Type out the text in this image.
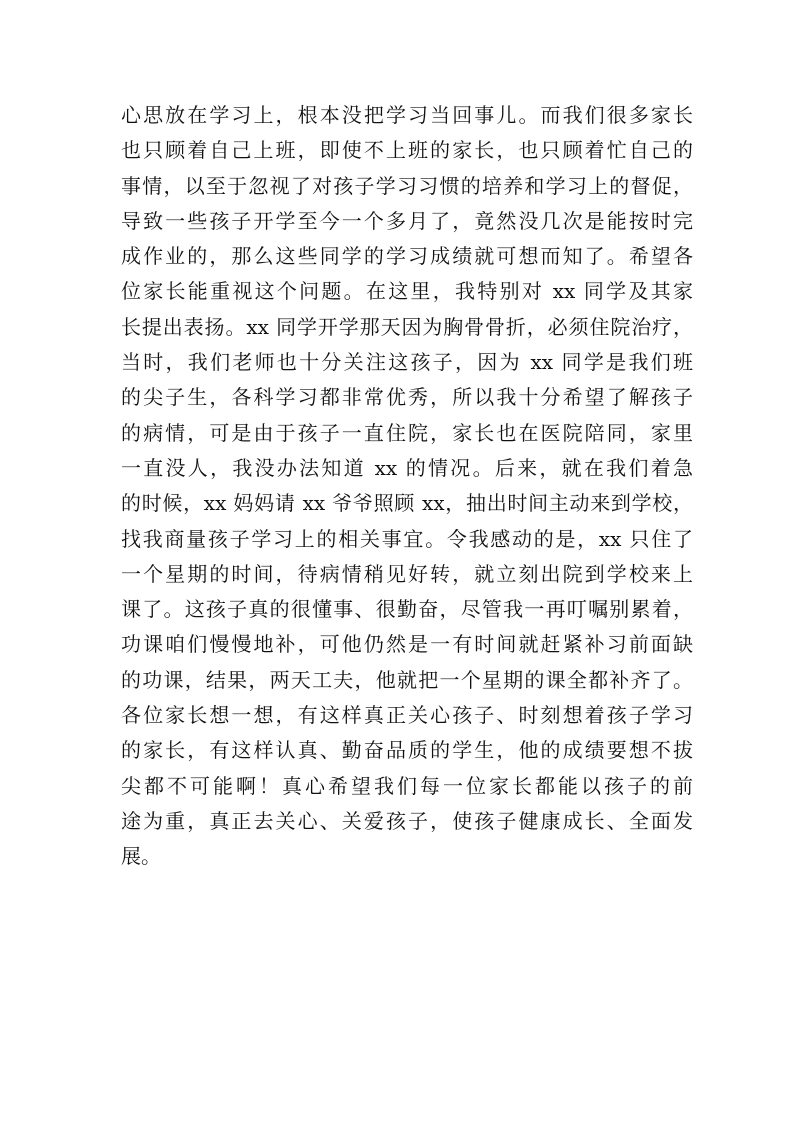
心思放在学习上，根本没把学习当回事儿。而我们很多家长
也只顾着自己上班，即使不上班的家长，也只顾着忙自己的
事情，以至于忽视了对孩子学习习惯的培养和学习上的督促，
导致一些孩子开学至今一个多月了，竟然没几次是能按时完
成作业的，那么这些同学的学习成绩就可想而知了。希望各
位家长能重视这个问题。在这里，我特别对 xx 同学及其家
长提出表扬。xx 同学开学那天因为胸骨骨折，必须住院治疗，
当时，我们老师也十分关注这孩子，因为 xx 同学是我们班
的尖子生，各科学习都非常优秀，所以我十分希望了解孩子
的病情，可是由于孩子一直住院，家长也在医院陪同，家里
一直没人，我没办法知道 xx 的情况。后来，就在我们着急
的时候，xx 妈妈请 xx 爷爷照顾 xx，抽出时间主动来到学校，
找我商量孩子学习上的相关事宜。令我感动的是，xx 只住了
一个星期的时间，待病情稍见好转，就立刻出院到学校来上
课了。这孩子真的很懂事、很勤奋，尽管我一再叮嘱别累着，
功课咱们慢慢地补，可他仍然是一有时间就赶紧补习前面缺
的功课，结果，两天工夫，他就把一个星期的课全都补齐了。
各位家长想一想，有这样真正关心孩子、时刻想着孩子学习
的家长，有这样认真、勤奋品质的学生，他的成绩要想不拔
尖都不可能啊！真心希望我们每一位家长都能以孩子的前
途为重，真正去关心、关爱孩子，使孩子健康成长、全面发
展。
